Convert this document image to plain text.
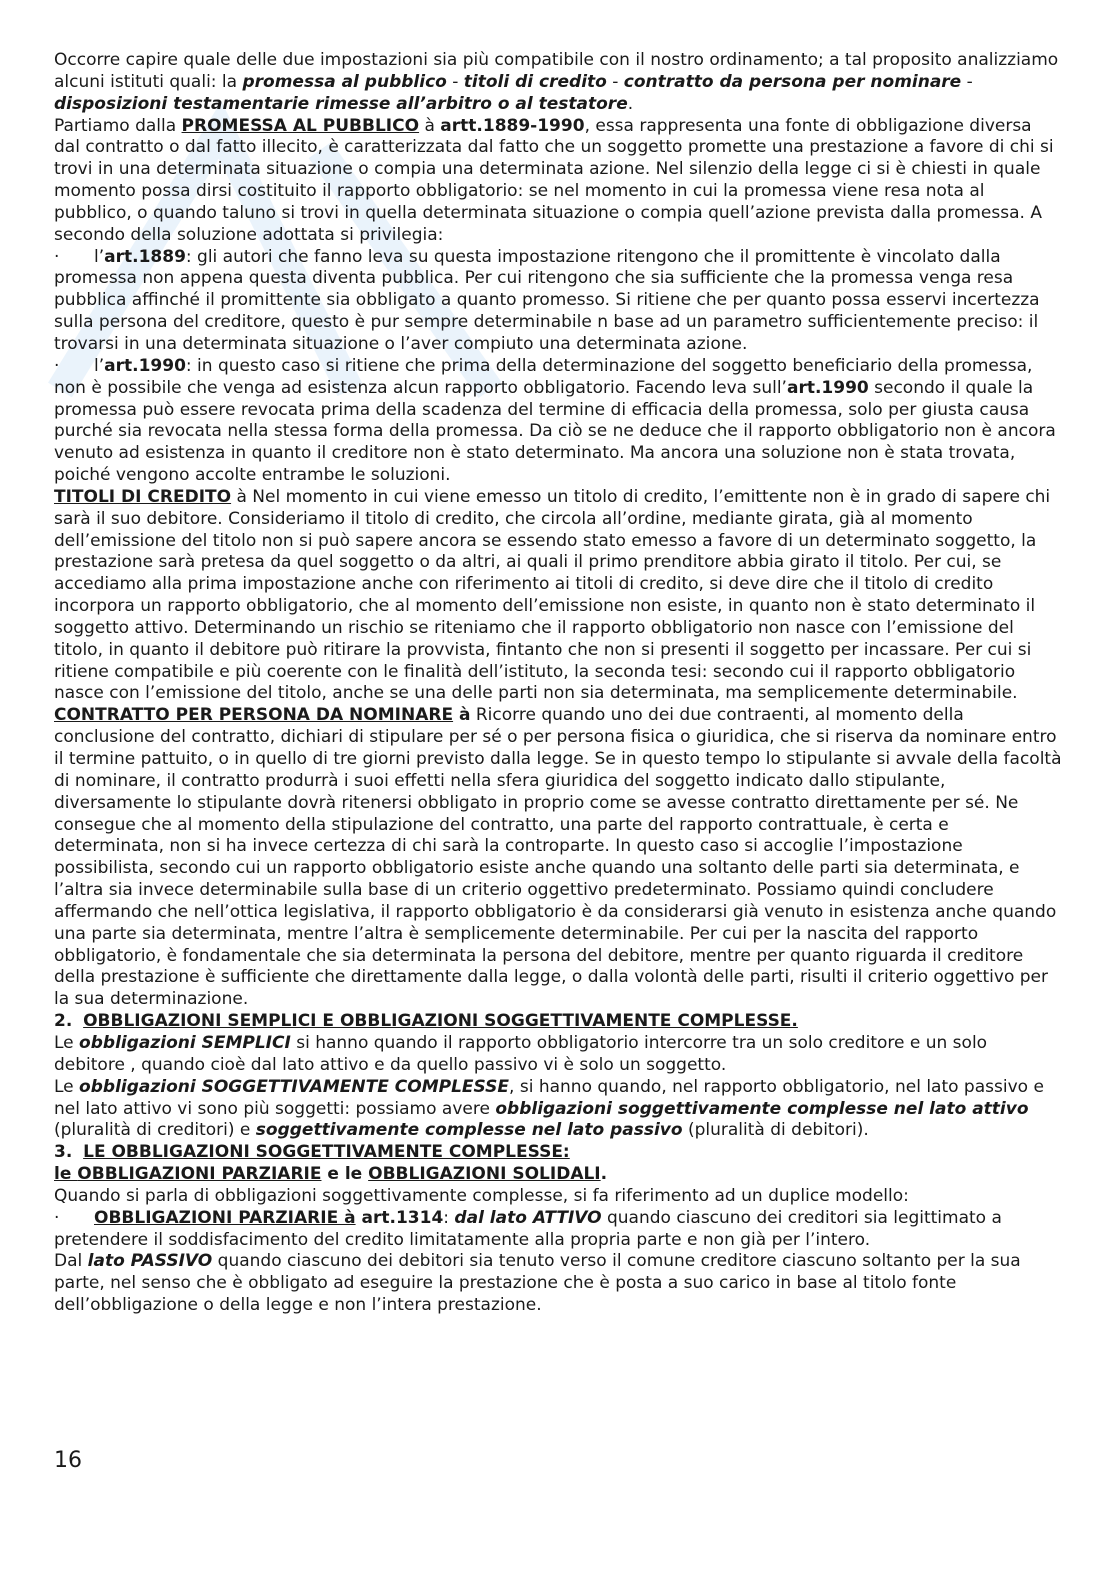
Occorre capire quale delle due impostazioni sia più compatibile con il nostro ordinamento; a tal proposito analizziamo alcuni istituti quali: la promessa al pubblico - titoli di credito - contratto da persona per nominare - disposizioni testamentarie rimesse all’arbitro o al testatore.

Partiamo dalla PROMESSA AL PUBBLICO à artt.1889-1990, essa rappresenta una fonte di obbligazione diversa dal contratto o dal fatto illecito, è caratterizzata dal fatto che un soggetto promette una prestazione a favore di chi si trovi in una determinata situazione o compia una determinata azione. Nel silenzio della legge ci si è chiesti in quale momento possa dirsi costituito il rapporto obbligatorio: se nel momento in cui la promessa viene resa nota al pubblico, o quando taluno si trovi in quella determinata situazione o compia quell’azione prevista dalla promessa. A secondo della soluzione adottata si privilegia:

· l’art.1889: gli autori che fanno leva su questa impostazione ritengono che il promittente è vincolato dalla promessa non appena questa diventa pubblica. Per cui ritengono che sia sufficiente che la promessa venga resa pubblica affinché il promittente sia obbligato a quanto promesso. Si ritiene che per quanto possa esservi incertezza sulla persona del creditore, questo è pur sempre determinabile n base ad un parametro sufficientemente preciso: il trovarsi in una determinata situazione o l’aver compiuto una determinata azione.

· l’art.1990: in questo caso si ritiene che prima della determinazione del soggetto beneficiario della promessa, non è possibile che venga ad esistenza alcun rapporto obbligatorio. Facendo leva sull’art.1990 secondo il quale la promessa può essere revocata prima della scadenza del termine di efficacia della promessa, solo per giusta causa purché sia revocata nella stessa forma della promessa. Da ciò se ne deduce che il rapporto obbligatorio non è ancora venuto ad esistenza in quanto il creditore non è stato determinato. Ma ancora una soluzione non è stata trovata, poiché vengono accolte entrambe le soluzioni.

TITOLI DI CREDITO à Nel momento in cui viene emesso un titolo di credito, l’emittente non è in grado di sapere chi sarà il suo debitore. Consideriamo il titolo di credito, che circola all’ordine, mediante girata, già al momento dell’emissione del titolo non si può sapere ancora se essendo stato emesso a favore di un determinato soggetto, la prestazione sarà pretesa da quel soggetto o da altri, ai quali il primo prenditore abbia girato il titolo. Per cui, se accediamo alla prima impostazione anche con riferimento ai titoli di credito, si deve dire che il titolo di credito incorpora un rapporto obbligatorio, che al momento dell’emissione non esiste, in quanto non è stato determinato il soggetto attivo. Determinando un rischio se riteniamo che il rapporto obbligatorio non nasce con l’emissione del titolo, in quanto il debitore può ritirare la provvista, fintanto che non si presenti il soggetto per incassare. Per cui si ritiene compatibile e più coerente con le finalità dell’istituto, la seconda tesi: secondo cui il rapporto obbligatorio nasce con l’emissione del titolo, anche se una delle parti non sia determinata, ma semplicemente determinabile.

CONTRATTO PER PERSONA DA NOMINARE à Ricorre quando uno dei due contraenti, al momento della conclusione del contratto, dichiari di stipulare per sé o per persona fisica o giuridica, che si riserva da nominare entro il termine pattuito, o in quello di tre giorni previsto dalla legge. Se in questo tempo lo stipulante si avvale della facoltà di nominare, il contratto produrrà i suoi effetti nella sfera giuridica del soggetto indicato dallo stipulante, diversamente lo stipulante dovrà ritenersi obbligato in proprio come se avesse contratto direttamente per sé. Ne consegue che al momento della stipulazione del contratto, una parte del rapporto contrattuale, è certa e determinata, non si ha invece certezza di chi sarà la controparte. In questo caso si accoglie l’impostazione possibilista, secondo cui un rapporto obbligatorio esiste anche quando una soltanto delle parti sia determinata, e l’altra sia invece determinabile sulla base di un criterio oggettivo predeterminato. Possiamo quindi concludere affermando che nell’ottica legislativa, il rapporto obbligatorio è da considerarsi già venuto in esistenza anche quando una parte sia determinata, mentre l’altra è semplicemente determinabile. Per cui per la nascita del rapporto obbligatorio, è fondamentale che sia determinata la persona del debitore, mentre per quanto riguarda il creditore della prestazione è sufficiente che direttamente dalla legge, o dalla volontà delle parti, risulti il criterio oggettivo per la sua determinazione.

2. OBBLIGAZIONI SEMPLICI E OBBLIGAZIONI SOGGETTIVAMENTE COMPLESSE.

Le obbligazioni SEMPLICI si hanno quando il rapporto obbligatorio intercorre tra un solo creditore e un solo debitore , quando cioè dal lato attivo e da quello passivo vi è solo un soggetto.

Le obbligazioni SOGGETTIVAMENTE COMPLESSE, si hanno quando, nel rapporto obbligatorio, nel lato passivo e nel lato attivo vi sono più soggetti: possiamo avere obbligazioni soggettivamente complesse nel lato attivo (pluralità di creditori) e soggettivamente complesse nel lato passivo (pluralità di debitori).

3. LE OBBLIGAZIONI SOGGETTIVAMENTE COMPLESSE:
le OBBLIGAZIONI PARZIARIE e le OBBLIGAZIONI SOLIDALI.

Quando si parla di obbligazioni soggettivamente complesse, si fa riferimento ad un duplice modello:

· OBBLIGAZIONI PARZIARIE à art.1314: dal lato ATTIVO quando ciascuno dei creditori sia legittimato a pretendere il soddisfacimento del credito limitatamente alla propria parte e non già per l’intero.

Dal lato PASSIVO quando ciascuno dei debitori sia tenuto verso il comune creditore ciascuno soltanto per la sua parte, nel senso che è obbligato ad eseguire la prestazione che è posta a suo carico in base al titolo fonte dell’obbligazione o della legge e non l’intera prestazione.

16
